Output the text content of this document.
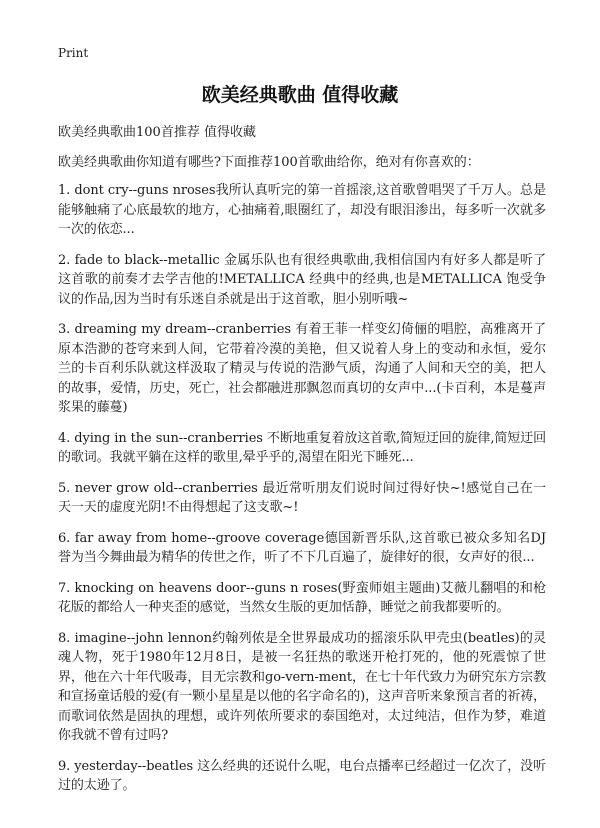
Print
欧美经典歌曲 值得收藏
欧美经典歌曲100首推荐 值得收藏
欧美经典歌曲你知道有哪些?下面推荐100首歌曲给你，绝对有你喜欢的：

1. dont cry--guns nroses我所认真听完的第一首摇滚,这首歌曾唱哭了千万人。总是能够触痛了心底最软的地方，心抽痛着,眼圈红了，却没有眼泪渗出，每多听一次就多一次的依恋...

2. fade to black--metallic 金属乐队也有很经典歌曲,我相信国内有好多人都是听了这首歌的前奏才去学吉他的!METALLICA 经典中的经典,也是METALLICA 饱受争议的作品,因为当时有乐迷自杀就是出于这首歌，胆小别听哦~

3. dreaming my dream--cranberries 有着王菲一样变幻倚俪的唱腔，高雅离开了原本浩渺的苍穹来到人间，它带着冷漠的美艳，但又说着人身上的变动和永恒，爱尔兰的卡百利乐队就这样汲取了精灵与传说的浩渺气质，沟通了人间和天空的美，把人的故事，爱情，历史，死亡，社会都融进那飘忽而真切的女声中...(卡百利，本是蔓声浆果的藤蔓)

4. dying in the sun--cranberries 不断地重复着放这首歌,简短迂回的旋律,简短迂回的歌词。我就平躺在这样的歌里,晕乎乎的,渴望在阳光下睡死...

5. never grow old--cranberries 最近常听朋友们说时间过得好快~!感觉自己在一天一天的虚度光阴!不由得想起了这支歌~!

6. far away from home--groove coverage德国新晋乐队,这首歌已被众多知名DJ誉为当今舞曲最为精华的传世之作，听了不下几百遍了，旋律好的很，女声好的很...

7. knocking on heavens door--guns n roses(野蛮师姐主题曲)艾薇儿翻唱的和枪花版的都给人一种夹歪的感觉，当然女生版的更加恬静，睡觉之前我都要听的。

8. imagine--john lennon约翰列侬是全世界最成功的摇滚乐队甲壳虫(beatles)的灵魂人物，死于1980年12月8日，是被一名狂热的歌迷开枪打死的，他的死震惊了世界，他在六十年代吸毒，目无宗教和go-vern-ment，在七十年代致力为研究东方宗教和宣扬童话般的爱(有一颗小星星是以他的名字命名的)，这声音听来象预言者的祈祷，而歌词依然是固执的理想，或许列侬所要求的泰国绝对，太过纯洁，但作为梦，难道你我就不曾有过吗?

9. yesterday--beatles 这么经典的还说什么呢，电台点播率已经超过一亿次了，没听过的太逊了。
